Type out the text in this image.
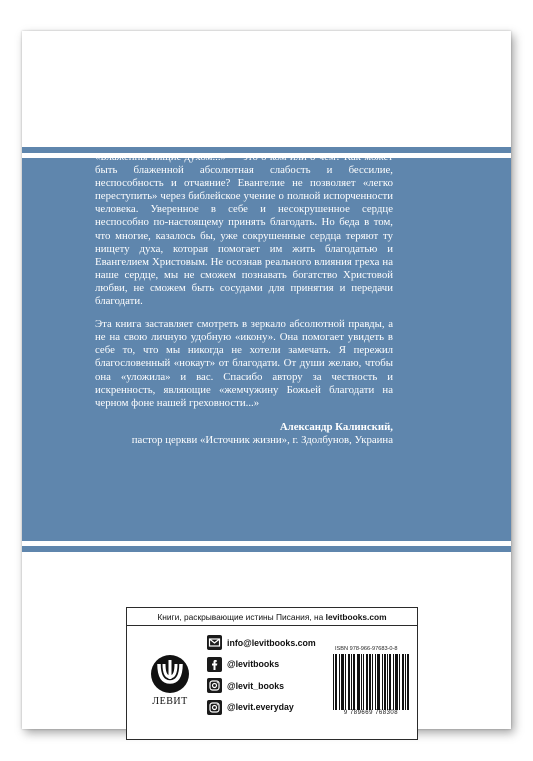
Книги, раскрывающие истины Писания, на levitbooks.com
ЛЕВИТ
info@levitbooks.com
@levitbooks
@levit_books
@levit.everyday
ISBN 978-966-97683-0-8
9 789669 768308

«Блаженны нищие духом...» — это о ком или о чем? Как может быть блаженной абсолютная слабость и бессилие, неспособность и отчаяние? Евангелие не позволяет «легко переступить» через библейское учение о полной испорченности человека. Уверенное в себе и несокрушенное сердце неспособно по-настоящему принять благодать. Но беда в том, что многие, казалось бы, уже сокрушенные сердца теряют ту нищету духа, которая помогает им жить благодатью и Евангелием Христовым. Не осознав реального влияния греха на наше сердце, мы не сможем познавать богатство Христовой любви, не сможем быть сосудами для принятия и передачи благодати.

Эта книга заставляет смотреть в зеркало абсолютной правды, а не на свою личную удобную «икону». Она помогает увидеть в себе то, что мы никогда не хотели замечать. Я пережил благословенный «нокаут» от благодати. От души желаю, чтобы она «уложила» и вас. Спасибо автору за честность и искренность, являющие «жемчужину Божьей благодати на черном фоне нашей греховности...»

Александр Калинский,
пастор церкви «Источник жизни», г. Здолбунов, Украина
